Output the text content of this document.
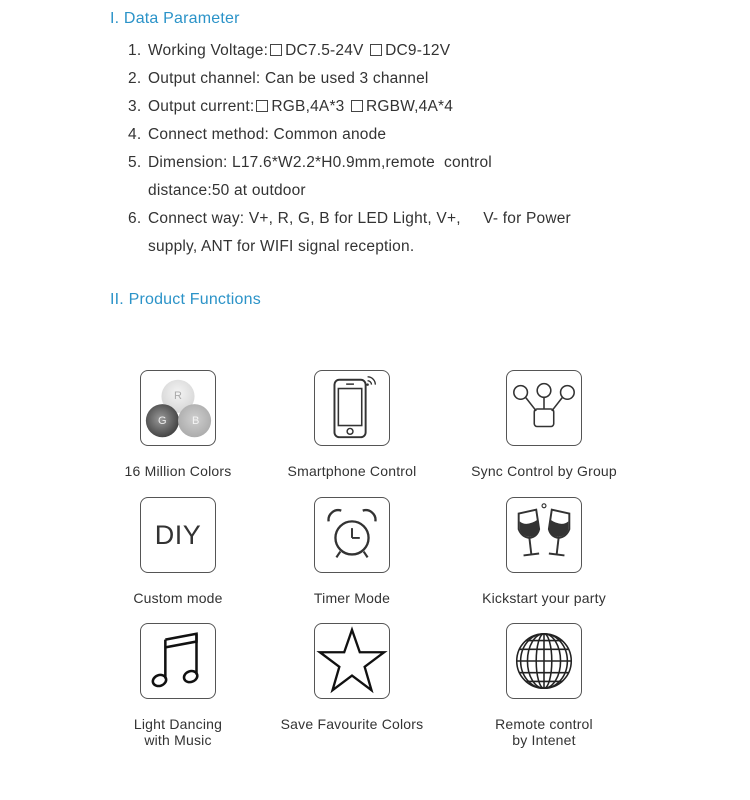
I. Data Parameter
1. Working Voltage: DC7.5-24V DC9-12V
2. Output channel: Can be used 3 channel
3. Output current: RGB,4A*3 RGBW,4A*4
4. Connect method: Common anode
5. Dimension: L17.6*W2.2*H0.9mm,remote  control
distance:50 at outdoor
6. Connect way: V+, R, G, B for LED Light, V+,     V- for Power
supply, ANT for WIFI signal reception.
II. Product Functions
R
G B
16 Million Colors	Smartphone Control	Sync Control by Group
DIY
Custom mode	Timer Mode	Kickstart your party
Light Dancing
with Music
Save Favourite Colors	Remote control
by Intenet
